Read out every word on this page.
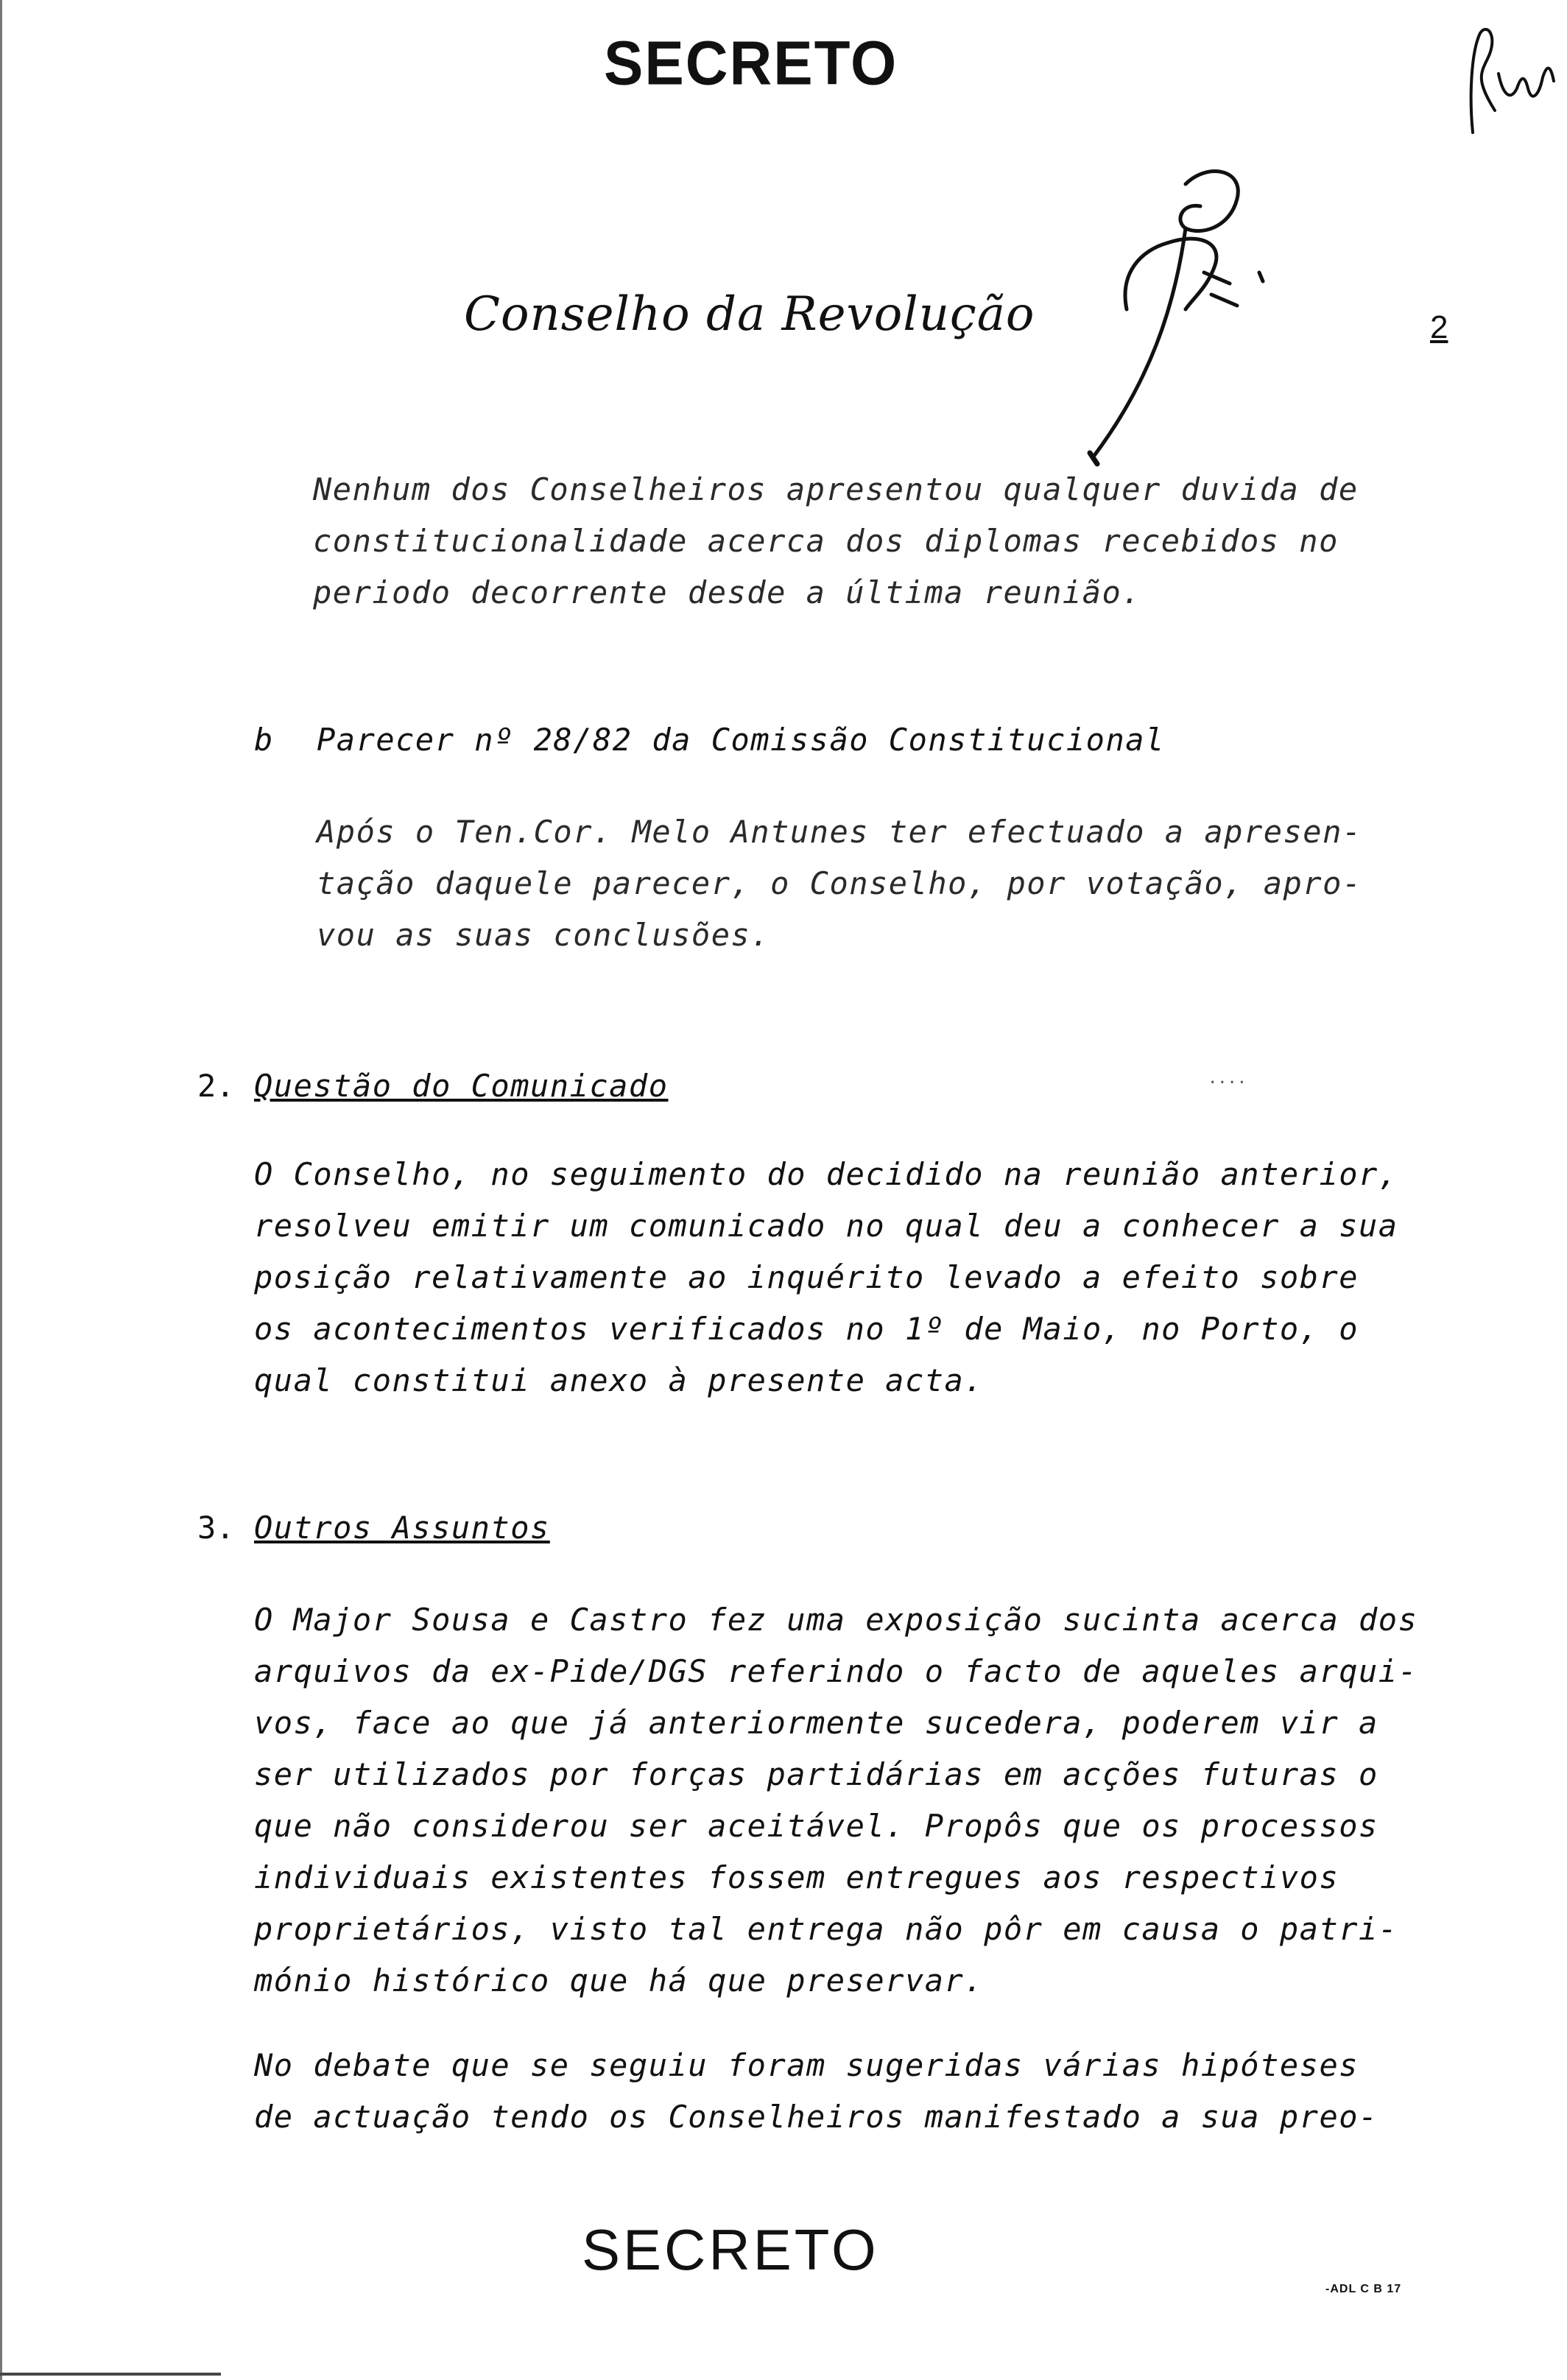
SECRETO
Conselho da Revolução	2
Nenhum dos Conselheiros apresentou qualquer duvida de
constitucionalidade acerca dos diplomas recebidos no
periodo decorrente desde a última reunião.
b Parecer nº 28/82 da Comissão Constitucional
Após o Ten.Cor. Melo Antunes ter efectuado a apresen-
tação daquele parecer, o Conselho, por votação, apro-
vou as suas conclusões.
2. Questão do Comunicado	....
O Conselho, no seguimento do decidido na reunião anterior,
resolveu emitir um comunicado no qual deu a conhecer a sua
posição relativamente ao inquérito levado a efeito sobre
os acontecimentos verificados no 1º de Maio, no Porto, o
qual constitui anexo à presente acta.
3. Outros Assuntos
O Major Sousa e Castro fez uma exposição sucinta acerca dos
arquivos da ex-Pide/DGS referindo o facto de aqueles arqui-
vos, face ao que já anteriormente sucedera, poderem vir a
ser utilizados por forças partidárias em acções futuras o
que não considerou ser aceitável. Propôs que os processos
individuais existentes fossem entregues aos respectivos
proprietários, visto tal entrega não pôr em causa o patri-
mónio histórico que há que preservar.
No debate que se seguiu foram sugeridas várias hipóteses
de actuação tendo os Conselheiros manifestado a sua preo-
SECRETO
-ADL C B 17
